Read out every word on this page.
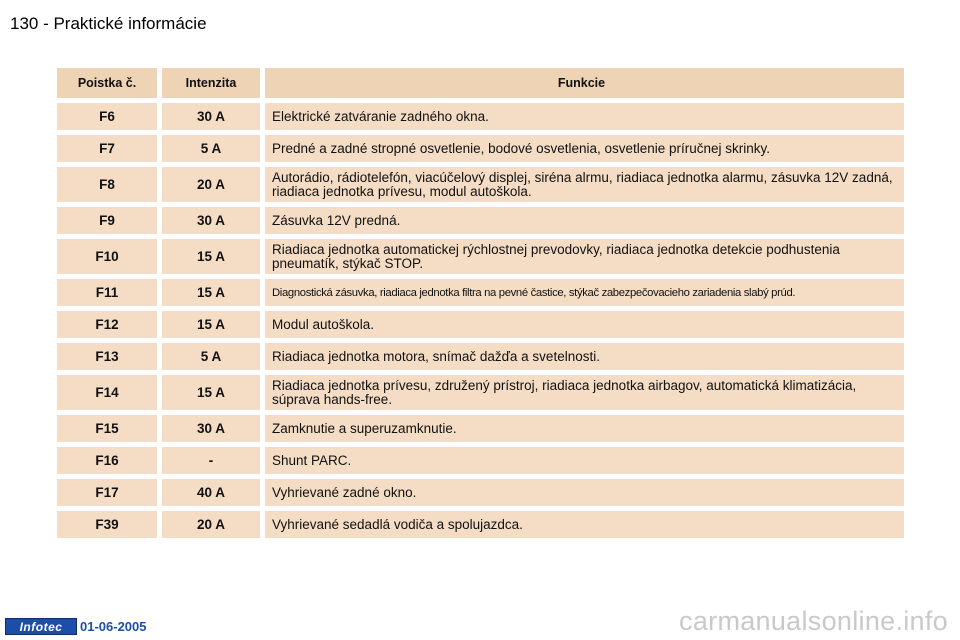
130 - Praktické informácie
Poistka č.	Intenzita	Funkcie
F6	30 A	Elektrické zatváranie zadného okna.
F7	5 A	Predné a zadné stropné osvetlenie, bodové osvetlenia, osvetlenie príručnej skrinky.
F8	20 A	Autorádio, rádiotelefón, viacúčelový displej, siréna alrmu, riadiaca jednotka alarmu, zásuvka 12V zadná, riadiaca jednotka prívesu, modul autoškola.
F9	30 A	Zásuvka 12V predná.
F10	15 A	Riadiaca jednotka automatickej rýchlostnej prevodovky, riadiaca jednotka detekcie podhustenia pneumatík, stýkač STOP.
F11	15 A	Diagnostická zásuvka, riadiaca jednotka filtra na pevné častice, stýkač zabezpečovacieho zariadenia slabý prúd.
F12	15 A	Modul autoškola.
F13	5 A	Riadiaca jednotka motora, snímač dažďa a svetelnosti.
F14	15 A	Riadiaca jednotka prívesu, združený prístroj, riadiaca jednotka airbagov, automatická klimatizácia, súprava hands-free.
F15	30 A	Zamknutie a superuzamknutie.
F16	-	Shunt PARC.
F17	40 A	Vyhrievané zadné okno.
F39	20 A	Vyhrievané sedadlá vodiča a spolujazdca.
Infotec	01-06-2005	carmanualsonline.info
